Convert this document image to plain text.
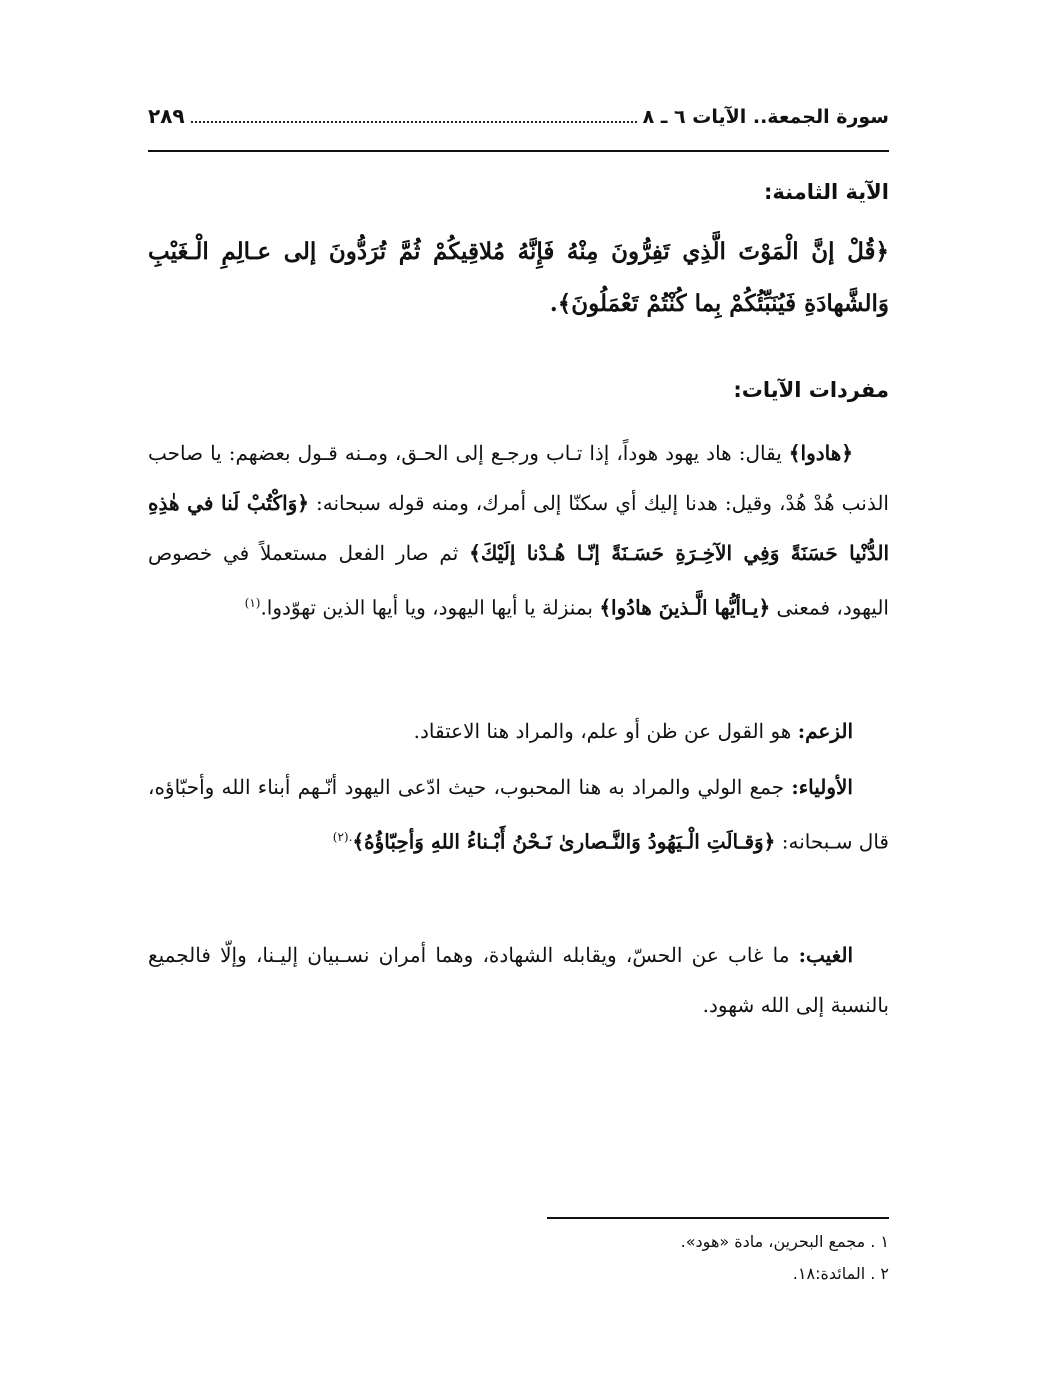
سورة الجمعة.. الآيات ٦ ـ ٨
٢٨٩
الآية الثامنة:
﴿قُلْ إنَّ الْمَوْتَ الَّذِي تَفِرُّونَ مِنْهُ فَإِنَّهُ مُلاقِيكُمْ ثُمَّ تُرَدُّونَ إلى عـالِمِ الْـغَيْبِ وَالشَّهادَةِ فَيُنَبِّئُكُمْ بِما كُنْتُمْ تَعْمَلُونَ﴾.
مفردات الآيات:
﴿هادوا﴾ يقال: هاد يهود هوداً، إذا تـاب ورجـع إلى الحـق، ومـنه قـول بعضهم: يا صاحب الذنب هُدْ هُدْ، وقيل: هدنا إليك أي سكنّا إلى أمرك، ومنه قوله سبحانه: ﴿وَاكْتُبْ لَنا في هٰذِهِ الدُّنْيا حَسَنَةً وَفِي الآخِـرَةِ حَسَـنَةً إنّـا هُـدْنا إلَيْكَ﴾ ثم صار الفعل مستعملاً في خصوص اليهود، فمعنى ﴿يـاأيُّها الَّـذينَ هادُوا﴾ بمنزلة يا أيها اليهود، ويا أيها الذين تهوّدوا.$^{(١)}$
الزعم: هو القول عن ظن أو علم، والمراد هنا الاعتقاد.
الأولياء: جمع الولي والمراد به هنا المحبوب، حيث ادّعى اليهود أنّـهم أبناء الله وأحبّاؤه، قال سـبحانه: ﴿وَقـالَتِ الْـيَهُودُ وَالنَّـصارىٰ نَـحْنُ أَبْـناءُ اللهِ وَأحِبّاؤُهُ﴾$^{.(٢)}$
الغيب: ما غاب عن الحسّ، ويقابله الشهادة، وهما أمران نسـبيان إليـنا، وإلّا فالجميع بالنسبة إلى الله شهود.
١ . مجمع البحرين، مادة «هود».
٢ . المائدة:١٨.
